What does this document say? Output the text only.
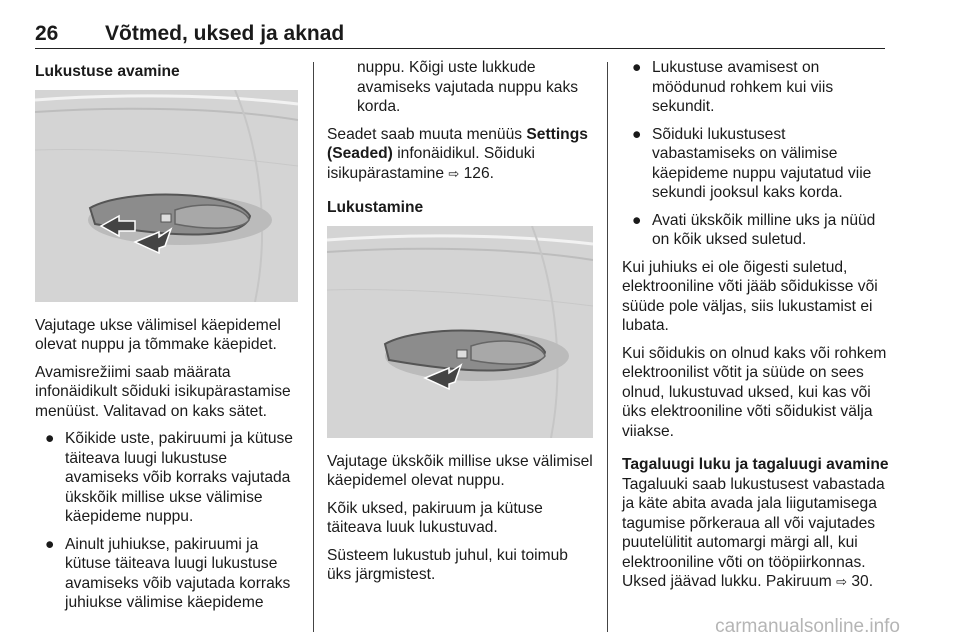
26 Võtmed, uksed ja aknad
Lukustuse avamine

Vajutage ukse välimisel käepidemel olevat nuppu ja tõmmake käepidet.

Avamisrežiimi saab määrata infonäidikult sõiduki isikupärastamise menüüst. Valitavad on kaks sätet.

● Kõikide uste, pakiruumi ja kütuse täiteava luugi lukustuse avamiseks võib korraks vajutada ükskõik millise ukse välimise käepideme nuppu.
● Ainult juhiukse, pakiruumi ja kütuse täiteava luugi lukustuse avamiseks võib vajutada korraks juhiukse välimise käepideme

nuppu. Kõigi uste lukkude avamiseks vajutada nuppu kaks korda.

Seadet saab muuta menüüs Settings (Seaded) infonäidikul. Sõiduki isikupärastamine ⇨ 126.

Lukustamine

Vajutage ükskõik millise ukse välimisel käepidemel olevat nuppu.

Kõik uksed, pakiruum ja kütuse täiteava luuk lukustuvad.

Süsteem lukustub juhul, kui toimub üks järgmistest.

● Lukustuse avamisest on möödunud rohkem kui viis sekundit.
● Sõiduki lukustusest vabastamiseks on välimise käepideme nuppu vajutatud viie sekundi jooksul kaks korda.
● Avati ükskõik milline uks ja nüüd on kõik uksed suletud.

Kui juhiuks ei ole õigesti suletud, elektrooniline võti jääb sõidukisse või süüde pole väljas, siis lukustamist ei lubata.

Kui sõidukis on olnud kaks või rohkem elektroonilist võtit ja süüde on sees olnud, lukustuvad uksed, kui kas või üks elektrooniline võti sõidukist välja viiakse.

Tagaluugi luku ja tagaluugi avamine

Tagaluuki saab lukustusest vabastada ja käte abita avada jala liigutamisega tagumise põrkeraua all või vajutades puutelülitit automargi märgi all, kui elektrooniline võti on tööpiirkonnas. Uksed jäävad lukku. Pakiruum ⇨ 30.

carmanualsonline.info
